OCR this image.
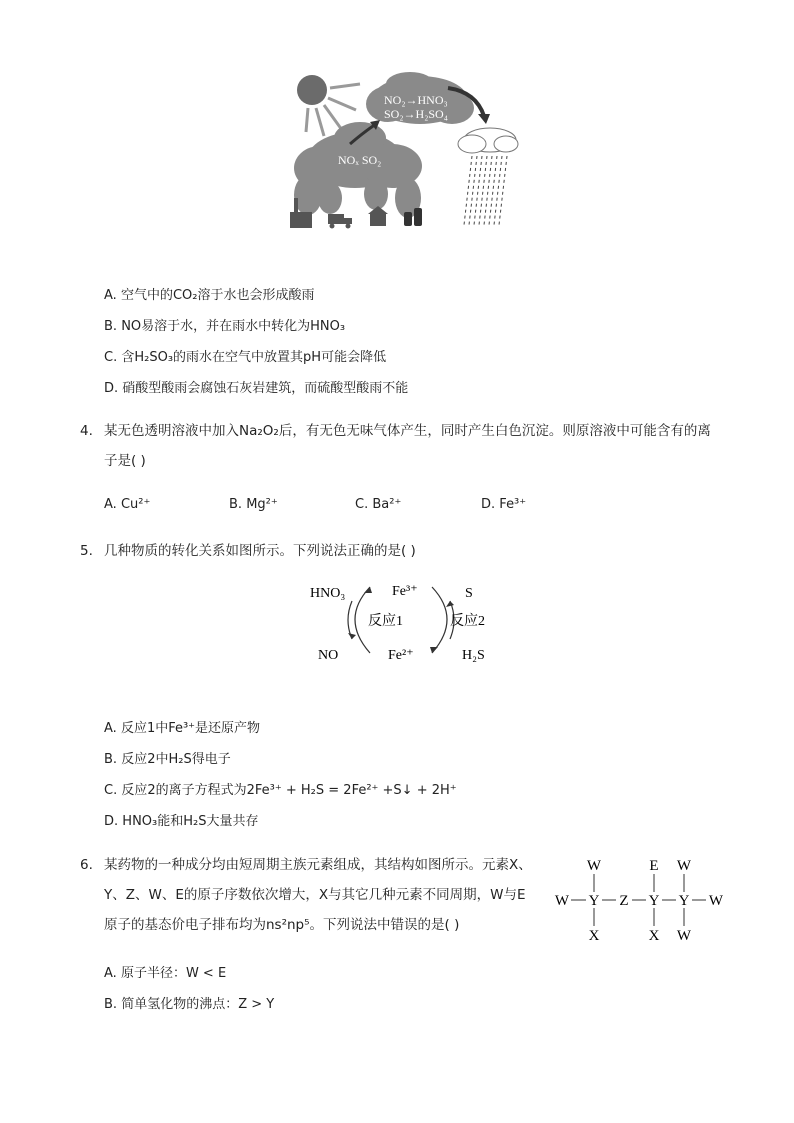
NO₂→HNO₃
SO₂→H₂SO₄
NOₓ SO₂
A. 空气中的CO₂溶于水也会形成酸雨
B. NO易溶于水，并在雨水中转化为HNO₃
C. 含H₂SO₃的雨水在空气中放置其pH可能会降低
D. 硝酸型酸雨会腐蚀石灰岩建筑，而硫酸型酸雨不能
4. 某无色透明溶液中加入Na₂O₂后，有无色无味气体产生，同时产生白色沉淀。则原溶液中可能含有的离
子是( )
A. Cu²⁺	B. Mg²⁺	C. Ba²⁺	D. Fe³⁺
5. 几种物质的转化关系如图所示。下列说法正确的是( )
HNO₃
NO
Fe³⁺
Fe²⁺
反应1	反应2
S
H₂S
A. 反应1中Fe³⁺是还原产物
B. 反应2中H₂S得电子
C. 反应2的离子方程式为2Fe³⁺ + H₂S = 2Fe²⁺ +S↓ + 2H⁺
D. HNO₃能和H₂S大量共存
6. 某药物的一种成分均由短周期主族元素组成，其结构如图所示。元素X、
Y、Z、W、E的原子序数依次增大，X与其它几种元素不同周期，W与E
原子的基态价电子排布均为ns²np⁵。下列说法中错误的是( )
W Y Z Y Y W
W	E W
X	X W
A. 原子半径：W < E
B. 简单氢化物的沸点：Z > Y
